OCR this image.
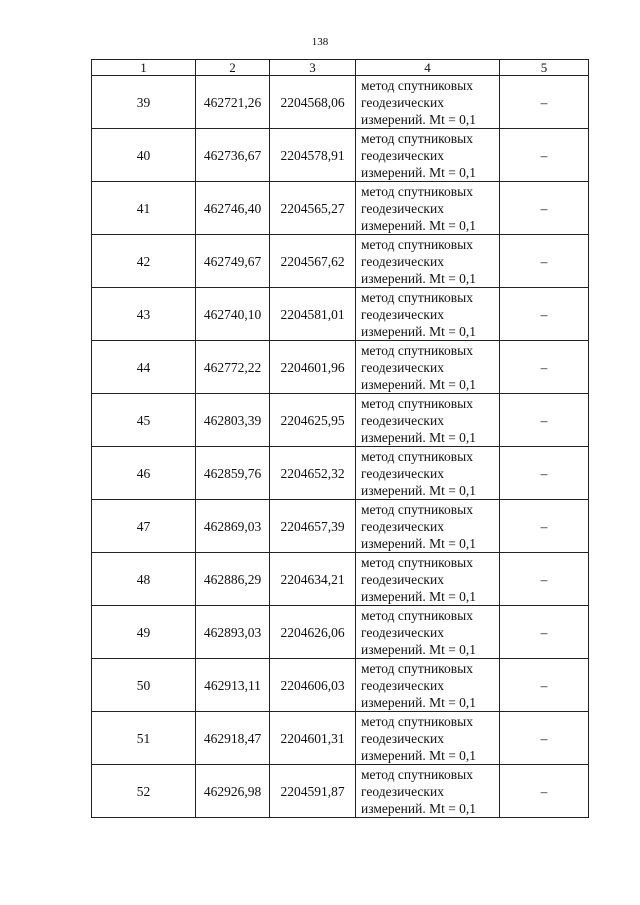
138
1	2	3	4	5
39	462721,26	2204568,06	метод спутниковых
геодезических
измерений. Mt = 0,1	–
40	462736,67	2204578,91	метод спутниковых
геодезических
измерений. Mt = 0,1	–
41	462746,40	2204565,27	метод спутниковых
геодезических
измерений. Mt = 0,1	–
42	462749,67	2204567,62	метод спутниковых
геодезических
измерений. Mt = 0,1	–
43	462740,10	2204581,01	метод спутниковых
геодезических
измерений. Mt = 0,1	–
44	462772,22	2204601,96	метод спутниковых
геодезических
измерений. Mt = 0,1	–
45	462803,39	2204625,95	метод спутниковых
геодезических
измерений. Mt = 0,1	–
46	462859,76	2204652,32	метод спутниковых
геодезических
измерений. Mt = 0,1	–
47	462869,03	2204657,39	метод спутниковых
геодезических
измерений. Mt = 0,1	–
48	462886,29	2204634,21	метод спутниковых
геодезических
измерений. Mt = 0,1	–
49	462893,03	2204626,06	метод спутниковых
геодезических
измерений. Mt = 0,1	–
50	462913,11	2204606,03	метод спутниковых
геодезических
измерений. Mt = 0,1	–
51	462918,47	2204601,31	метод спутниковых
геодезических
измерений. Mt = 0,1	–
52	462926,98	2204591,87	метод спутниковых
геодезических
измерений. Mt = 0,1	–
